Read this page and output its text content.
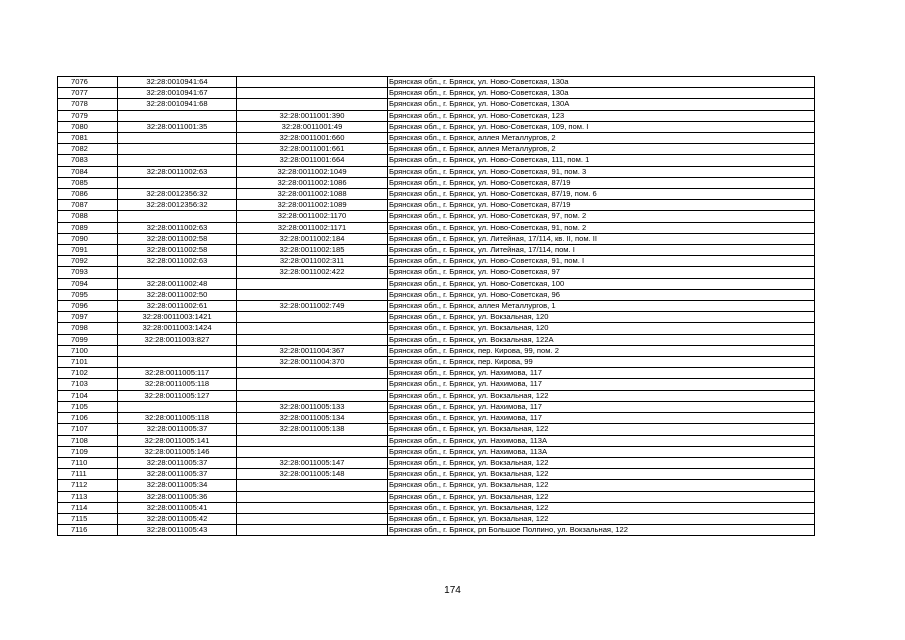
7076	32:28:0010941:64		Брянская обл., г. Брянск, ул. Ново-Советская, 130а
7077	32:28:0010941:67		Брянская обл., г. Брянск, ул. Ново-Советская, 130а
7078	32:28:0010941:68		Брянская обл., г. Брянск, ул. Ново-Советская, 130А
7079		32:28:0011001:390	Брянская обл., г. Брянск, ул. Ново-Советская, 123
7080	32:28:0011001:35	32:28:0011001:49	Брянская обл., г. Брянск, ул. Ново-Советская, 109, пом. I
7081		32:28:0011001:660	Брянская обл., г. Брянск, аллея Металлургов, 2
7082		32:28:0011001:661	Брянская обл., г. Брянск, аллея Металлургов, 2
7083		32:28:0011001:664	Брянская обл., г. Брянск, ул. Ново-Советская, 111, пом. 1
7084	32:28:0011002:63	32:28:0011002:1049	Брянская обл., г. Брянск, ул. Ново-Советская, 91, пом. 3
7085		32:28:0011002:1086	Брянская обл., г. Брянск, ул. Ново-Советская, 87/19
7086	32:28:0012356:32	32:28:0011002:1088	Брянская обл., г. Брянск, ул. Ново-Советская, 87/19, пом. 6
7087	32:28:0012356:32	32:28:0011002:1089	Брянская обл., г. Брянск, ул. Ново-Советская, 87/19
7088		32:28:0011002:1170	Брянская обл., г. Брянск, ул. Ново-Советская, 97, пом. 2
7089	32:28:0011002:63	32:28:0011002:1171	Брянская обл., г. Брянск, ул. Ново-Советская, 91, пом. 2
7090	32:28:0011002:58	32:28:0011002:184	Брянская обл., г. Брянск, ул. Литейная, 17/114, кв. II, пом. II
7091	32:28:0011002:58	32:28:0011002:185	Брянская обл., г. Брянск, ул. Литейная, 17/114, пом. I
7092	32:28:0011002:63	32:28:0011002:311	Брянская обл., г. Брянск, ул. Ново-Советская, 91, пом. I
7093		32:28:0011002:422	Брянская обл., г. Брянск, ул. Ново-Советская, 97
7094	32:28:0011002:48		Брянская обл., г. Брянск, ул. Ново-Советская, 100
7095	32:28:0011002:50		Брянская обл., г. Брянск, ул. Ново-Советская, 96
7096	32:28:0011002:61	32:28:0011002:749	Брянская обл., г. Брянск, аллея Металлургов, 1
7097	32:28:0011003:1421		Брянская обл., г. Брянск, ул. Вокзальная, 120
7098	32:28:0011003:1424		Брянская обл., г. Брянск, ул. Вокзальная, 120
7099	32:28:0011003:827		Брянская обл., г. Брянск, ул. Вокзальная, 122А
7100		32:28:0011004:367	Брянская обл., г. Брянск, пер. Кирова, 99, пом. 2
7101		32:28:0011004:370	Брянская обл., г. Брянск, пер. Кирова, 99
7102	32:28:0011005:117		Брянская обл., г. Брянск, ул. Нахимова, 117
7103	32:28:0011005:118		Брянская обл., г. Брянск, ул. Нахимова, 117
7104	32:28:0011005:127		Брянская обл., г. Брянск, ул. Вокзальная, 122
7105		32:28:0011005:133	Брянская обл., г. Брянск, ул. Нахимова, 117
7106	32:28:0011005:118	32:28:0011005:134	Брянская обл., г. Брянск, ул. Нахимова, 117
7107	32:28:0011005:37	32:28:0011005:138	Брянская обл., г. Брянск, ул. Вокзальная, 122
7108	32:28:0011005:141		Брянская обл., г. Брянск, ул. Нахимова, 113А
7109	32:28:0011005:146		Брянская обл., г. Брянск, ул. Нахимова, 113А
7110	32:28:0011005:37	32:28:0011005:147	Брянская обл., г. Брянск, ул. Вокзальная, 122
7111	32:28:0011005:37	32:28:0011005:148	Брянская обл., г. Брянск, ул. Вокзальная, 122
7112	32:28:0011005:34		Брянская обл., г. Брянск, ул. Вокзальная, 122
7113	32:28:0011005:36		Брянская обл., г. Брянск, ул. Вокзальная, 122
7114	32:28:0011005:41		Брянская обл., г. Брянск, ул. Вокзальная, 122
7115	32:28:0011005:42		Брянская обл., г. Брянск, ул. Вокзальная, 122
7116	32:28:0011005:43		Брянская обл., г. Брянск, рп Большое Полпино, ул. Вокзальная, 122
174
